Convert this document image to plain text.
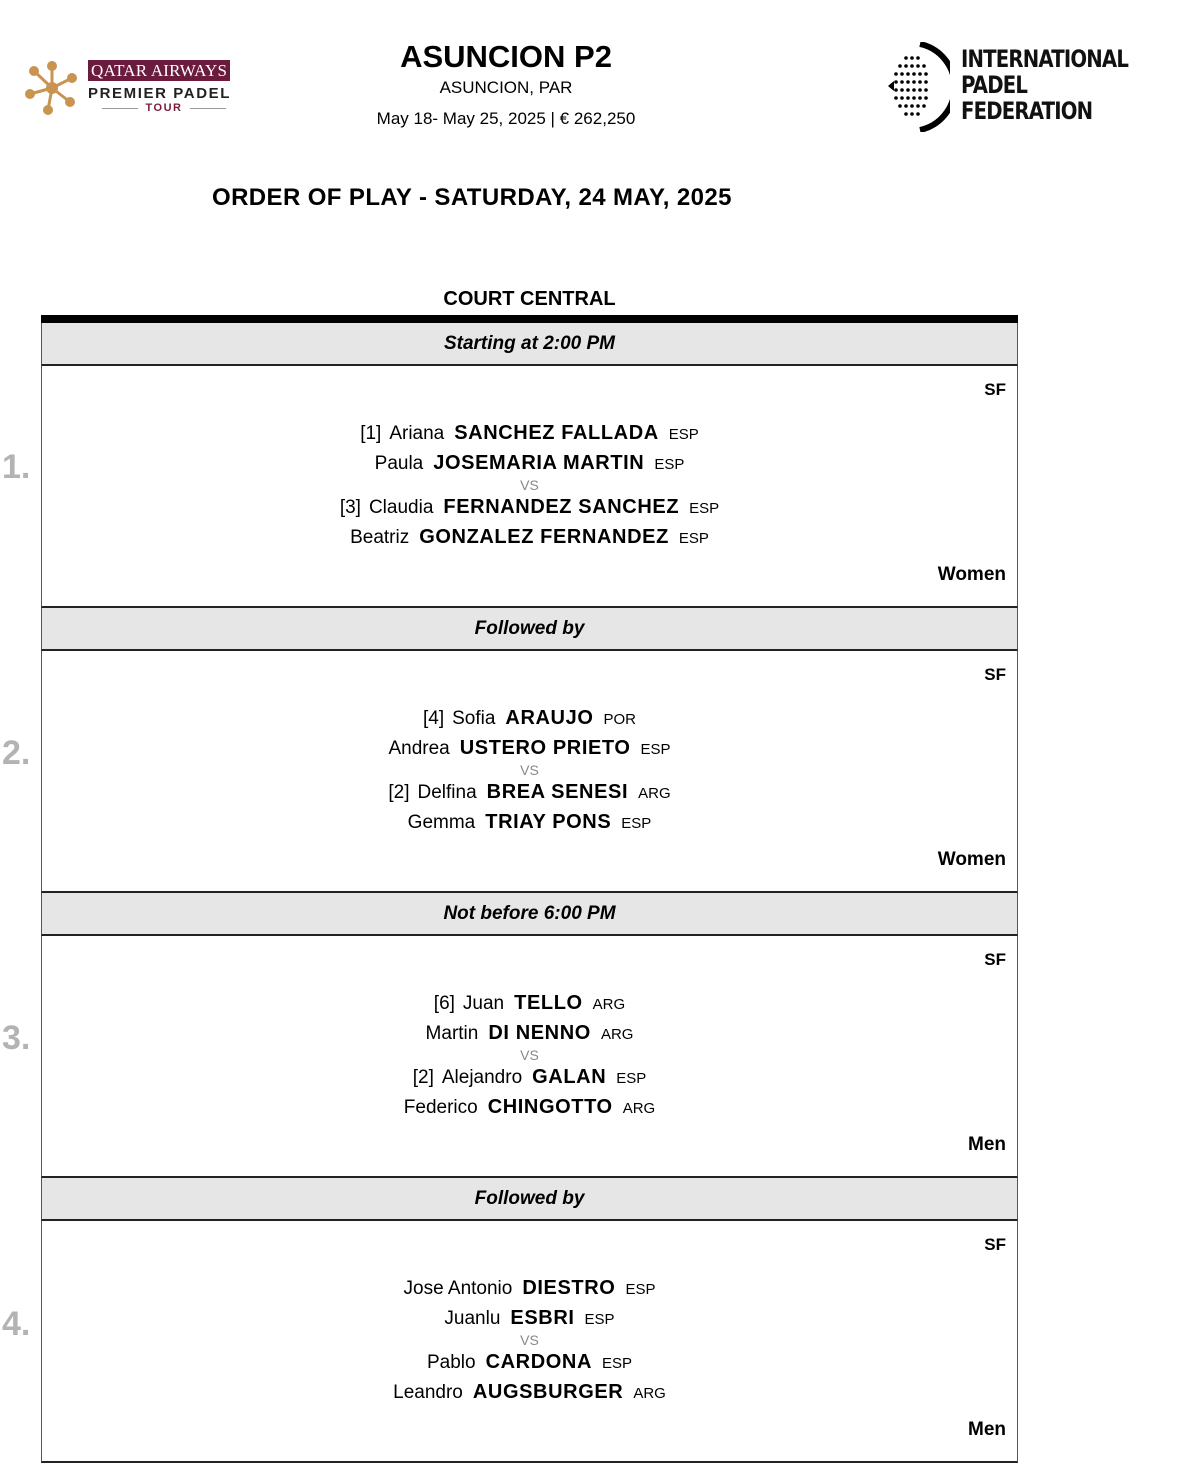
QATAR AIRWAYS
PREMIER PADEL
TOUR
ASUNCION P2
ASUNCION, PAR
May 18- May 25, 2025 | € 262,250
INTERNATIONAL
PADEL
FEDERATION
ORDER OF PLAY - SATURDAY, 24 MAY, 2025
COURT CENTRAL
Starting at 2:00 PM
SF
[1] Ariana SANCHEZ FALLADA ESP
Paula JOSEMARIA MARTIN ESP
VS
[3] Claudia FERNANDEZ SANCHEZ ESP
Beatriz GONZALEZ FERNANDEZ ESP
Women
Followed by
SF
[4] Sofia ARAUJO POR
Andrea USTERO PRIETO ESP
VS
[2] Delfina BREA SENESI ARG
Gemma TRIAY PONS ESP
Women
Not before 6:00 PM
SF
[6] Juan TELLO ARG
Martin DI NENNO ARG
VS
[2] Alejandro GALAN ESP
Federico CHINGOTTO ARG
Men
Followed by
SF
Jose Antonio DIESTRO ESP
Juanlu ESBRI ESP
VS
Pablo CARDONA ESP
Leandro AUGSBURGER ARG
Men
1.
2.
3.
4.
